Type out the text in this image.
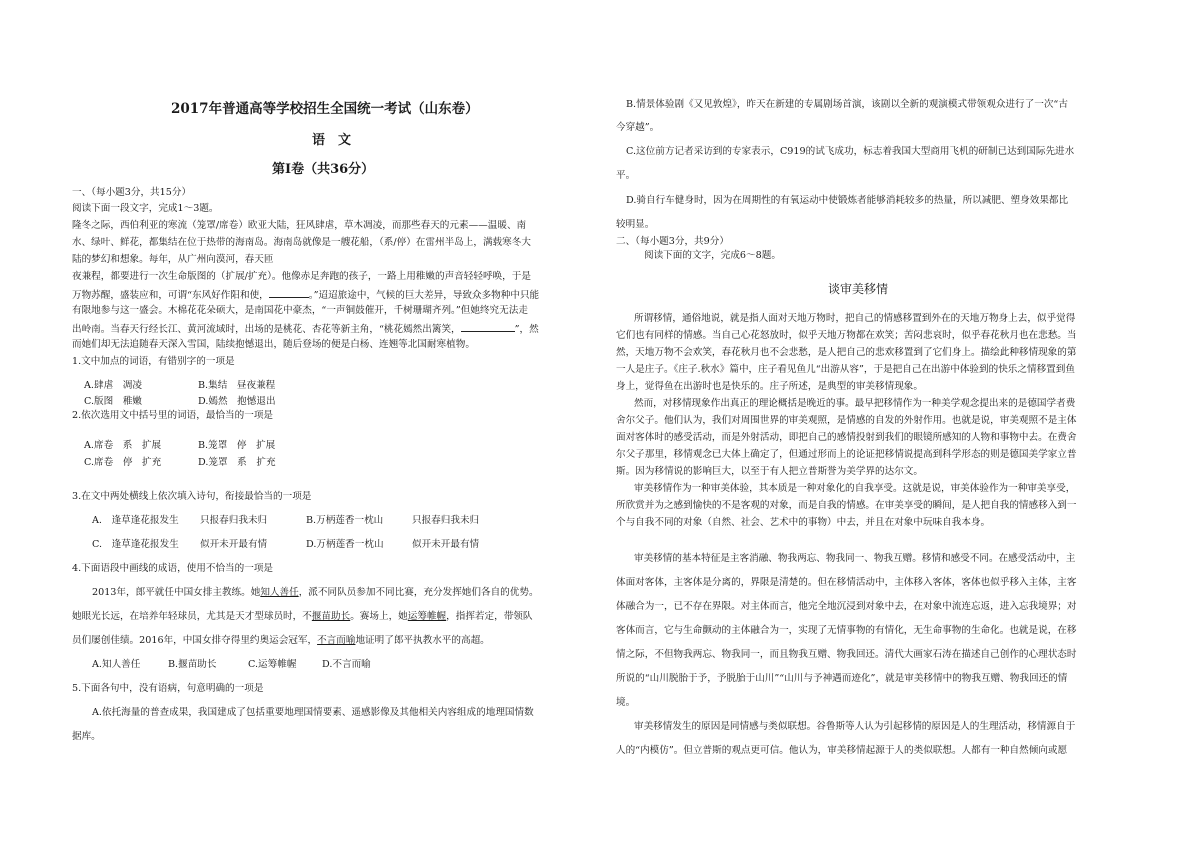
2017年普通高等学校招生全国统一考试（山东卷）
语　文
第Ⅰ卷（共36分）
一、（每小题3分，共15分）
阅读下面一段文字，完成1～3题。
隆冬之际，西伯利亚的寒流（笼罩/席卷）欧亚大陆，狂风肆虐，草木凋凌，而那些春天的元素——温暖、南
水、绿叶、鲜花，都集结在位于热带的海南岛。海南岛就像是一艘花船，（系/停）在雷州半岛上，满载寒冬大
陆的梦幻和想象。每年，从广州向漠河，春天匝
夜兼程，都要进行一次生命版图的（扩展/扩充）。他像赤足奔跑的孩子，一路上用稚嫩的声音轻轻呼唤，于是
万物苏醒，盛装应和，可谓“东风好作阳和使，	。”迢迢旅途中，气候的巨大差异，导致众多物种中只能
有限地参与这一盛会。木棉花花朵硕大，是南国花中豪杰，“一声铜鼓催开，千树珊瑚齐列。”但她终究无法走
出岭南。当春天行经长江、黄河流域时，出场的是桃花、杏花等新主角，“桃花嫣然出篱笑，	”，然
而她们却无法追随春天深入雪国，陆续抱憾退出，随后登场的便是白杨、连翘等北国耐寒植物。
1.文中加点的词语，有错别字的一项是
A.肆虐　凋凌	B.集结　昼夜兼程
C.版图　稚嫩	D.嫣然　抱憾退出
2.依次选用文中括号里的词语，最恰当的一项是
A.席卷　系　扩展	B.笼罩　停　扩展
C.席卷　停　扩充	D.笼罩　系　扩充
3.在文中两处横线上依次填入诗句，衔接最恰当的一项是
A.　逢草逢花报发生 只报春归我未归	B.万柄莲香一枕山	只报春归我未归
C.　逢草逢花报发生 似开未开最有情	D.万柄莲香一枕山	似开未开最有情
4.下面语段中画线的成语，使用不恰当的一项是
2013年，郎平就任中国女排主教练。她知人善任，派不同队员参加不同比赛，充分发挥她们各自的优势。
她眼光长远，在培养年轻球员，尤其是天才型球员时，不揠苗助长。赛场上，她运筹帷幄，指挥若定，带领队
员们屡创佳绩。2016年，中国女排夺得里约奥运会冠军，不言而喻地证明了郎平执教水平的高超。
A.知人善任	B.揠苗助长	C.运筹帷幄	D.不言而喻
5.下面各句中，没有语病，句意明确的一项是
A.依托海量的普查成果，我国建成了包括重要地理国情要素、遥感影像及其他相关内容组成的地理国情数
据库。
B.情景体验剧《又见敦煌》，昨天在新建的专属剧场首演，该剧以全新的观演模式带领观众进行了一次“古
今穿越”。
C.这位前方记者采访到的专家表示，C919的试飞成功，标志着我国大型商用飞机的研制已达到国际先进水
平。
D.骑自行车健身时，因为在周期性的有氧运动中使锻炼者能够消耗较多的热量，所以减肥、塑身效果都比
较明显。
二、（每小题3分，共9分）
阅读下面的文字，完成6～8题。
谈审美移情
所谓移情，通俗地说，就是指人面对天地万物时，把自己的情感移置到外在的天地万物身上去，似乎觉得
它们也有同样的情感。当自己心花怒放时，似乎天地万物都在欢笑；苦闷悲哀时，似乎春花秋月也在悲愁。当
然，天地万物不会欢笑，春花秋月也不会悲愁，是人把自己的悲欢移置到了它们身上。描绘此种移情现象的第
一人是庄子。《庄子.秋水》篇中，庄子看见鱼儿“出游从容”，于是把自己在出游中体验到的快乐之情移置到鱼
身上，觉得鱼在出游时也是快乐的。庄子所述，是典型的审美移情现象。
然而，对移情现象作出真正的理论概括是晚近的事。最早把移情作为一种美学观念提出来的是德国学者费
舍尔父子。他们认为，我们对周围世界的审美观照，是情感的自发的外射作用。也就是说，审美观照不是主体
面对客体时的感受活动，而是外射活动，即把自己的感情投射到我们的眼镜所感知的人物和事物中去。在费舍
尔父子那里，移情观念已大体上确定了，但通过形而上的论证把移情说提高到科学形态的则是德国美学家立普
斯。因为移情说的影响巨大，以至于有人把立普斯誉为美学界的达尔文。
审美移情作为一种审美体验，其本质是一种对象化的自我享受。这就是说，审美体验作为一种审美享受，
所欣赏并为之感到愉快的不是客观的对象，而是自我的情感。在审美享受的瞬间，是人把自我的情感移入到一
个与自我不同的对象（自然、社会、艺术中的事物）中去，并且在对象中玩味自我本身。
审美移情的基本特征是主客消融、物我两忘、物我同一、物我互赠。移情和感受不同。在感受活动中，主
体面对客体，主客体是分离的，界限是清楚的。但在移情活动中，主体移入客体，客体也似乎移入主体，主客
体融合为一，已不存在界限。对主体而言，他完全地沉浸到对象中去，在对象中流连忘返，进入忘我境界；对
客体而言，它与生命颤动的主体融合为一，实现了无情事物的有情化，无生命事物的生命化。也就是说，在移
情之际，不但物我两忘、物我同一，而且物我互赠、物我回还。清代大画家石涛在描述自己创作的心理状态时
所说的“山川脱胎于予，予脱胎于山川”“山川与予神遇而迹化”，就是审美移情中的物我互赠、物我回还的情
境。
审美移情发生的原因是同情感与类似联想。谷鲁斯等人认为引起移情的原因是人的生理活动，移情源自于
人的“内模仿”。但立普斯的观点更可信。他认为，审美移情起源于人的类似联想。人都有一种自然倾向或愿
